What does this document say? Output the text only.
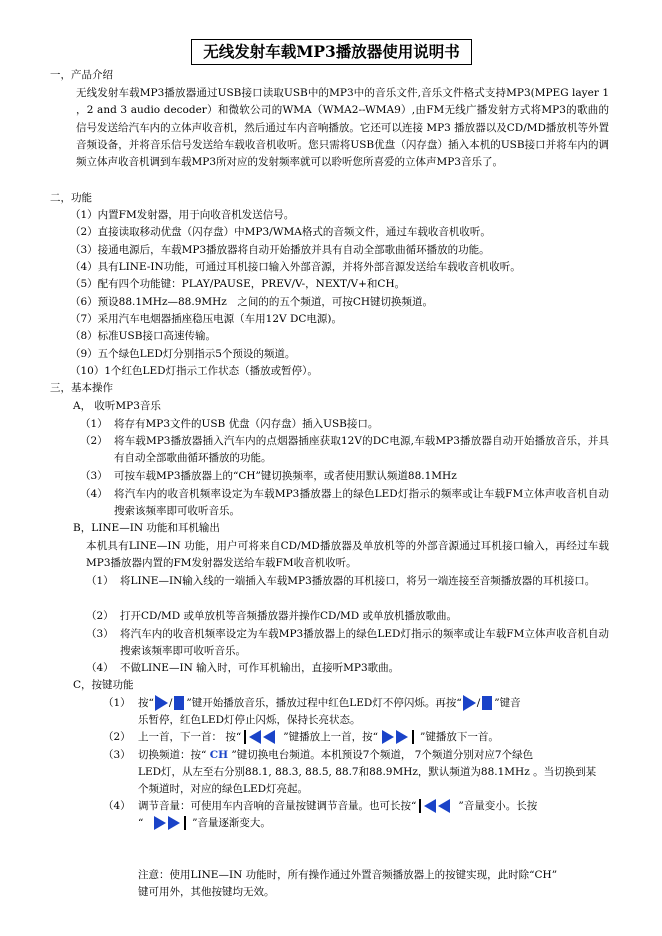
无线发射车载MP3播放器使用说明书
一，产品介绍
无线发射车载MP3播放器通过USB接口读取USB中的MP3中的音乐文件,音乐文件格式支持MP3(MPEG layer 1 ，2 and 3 audio decoder）和微软公司的WMA（WMA2--WMA9）,由FM无线广播发射方式将MP3的歌曲的信号发送给汽车内的立体声收音机，然后通过车内音响播放。它还可以连接 MP3 播放器以及CD/MD播放机等外置音频设备，并将音乐信号发送给车载收音机收听。您只需将USB优盘（闪存盘）插入本机的USB接口并将车内的调频立体声收音机调到车载MP3所对应的发射频率就可以聆听您所喜爱的立体声MP3音乐了。
二，功能
（1）内置FM发射器，用于向收音机发送信号。
（2）直接读取移动优盘（闪存盘）中MP3/WMA格式的音频文件，通过车载收音机收听。
（3）接通电源后，车载MP3播放器将自动开始播放并具有自动全部歌曲循环播放的功能。
（4）具有LINE-IN功能，可通过耳机接口输入外部音源，并将外部音源发送给车载收音机收听。
（5）配有四个功能键：PLAY/PAUSE，PREV/V-，NEXT/V+和CH。
（6）预设88.1MHz—88.9MHz　之间的的五个频道，可按CH键切换频道。
（7）采用汽车电烟器插座稳压电源（车用12V DC电源)。
（8）标准USB接口高速传输。
（9）五个绿色LED灯分别指示5个预设的频道。
（10）1个红色LED灯指示工作状态（播放或暂停）。
三，基本操作
A， 收听MP3音乐
（1） 将存有MP3文件的USB 优盘（闪存盘）插入USB接口。
（2） 将车载MP3播放器插入汽车内的点烟器插座获取12V的DC电源,车载MP3播放器自动开始播放音乐，并具有自动全部歌曲循环播放的功能。
（3） 可按车载MP3播放器上的“CH”键切换频率，或者使用默认频道88.1MHz
（4） 将汽车内的收音机频率设定为车载MP3播放器上的绿色LED灯指示的频率或让车载FM立体声收音机自动搜索该频率即可收听音乐。
B，LINE—IN 功能和耳机输出
本机具有LINE—IN 功能，用户可将来自CD/MD播放器及单放机等的外部音源通过耳机接口输入，再经过车载MP3播放器内置的FM发射器发送给车载FM收音机收听。
（1） 将LINE—IN输入线的一端插入车载MP3播放器的耳机接口，将另一端连接至音频播放器的耳机接口。
（2） 打开CD/MD 或单放机等音频播放器并操作CD/MD 或单放机播放歌曲。
（3） 将汽车内的收音机频率设定为车载MP3播放器上的绿色LED灯指示的频率或让车载FM立体声收音机自动搜索该频率即可收听音乐。
（4） 不做LINE—IN 输入时，可作耳机输出，直接听MP3歌曲。
C，按键功能
（1） 按“ / ”键开始播放音乐，播放过程中红色LED灯不停闪烁。再按“ / ”键音
乐暂停，红色LED灯停止闪烁，保持长亮状态。
（2） 上一首，下一首： 按“	”键播放上一首，按“	”键播放下一首。
（3） 切换频道：按“ CH ”键切换电台频道。本机预设7个频道， 7个频道分别对应7个绿色
LED灯，从左至右分别88.1, 88.3, 88.5, 88.7和88.9MHz，默认频道为88.1MHz 。当切换到某
个频道时，对应的绿色LED灯亮起。
（4） 调节音量：可使用车内音响的音量按键调节音量。也可长按“	”音量变小。长按
“	”音量逐渐变大。
注意：使用LINE—IN 功能时，所有操作通过外置音频播放器上的按键实现，此时除“CH”
键可用外，其他按键均无效。
